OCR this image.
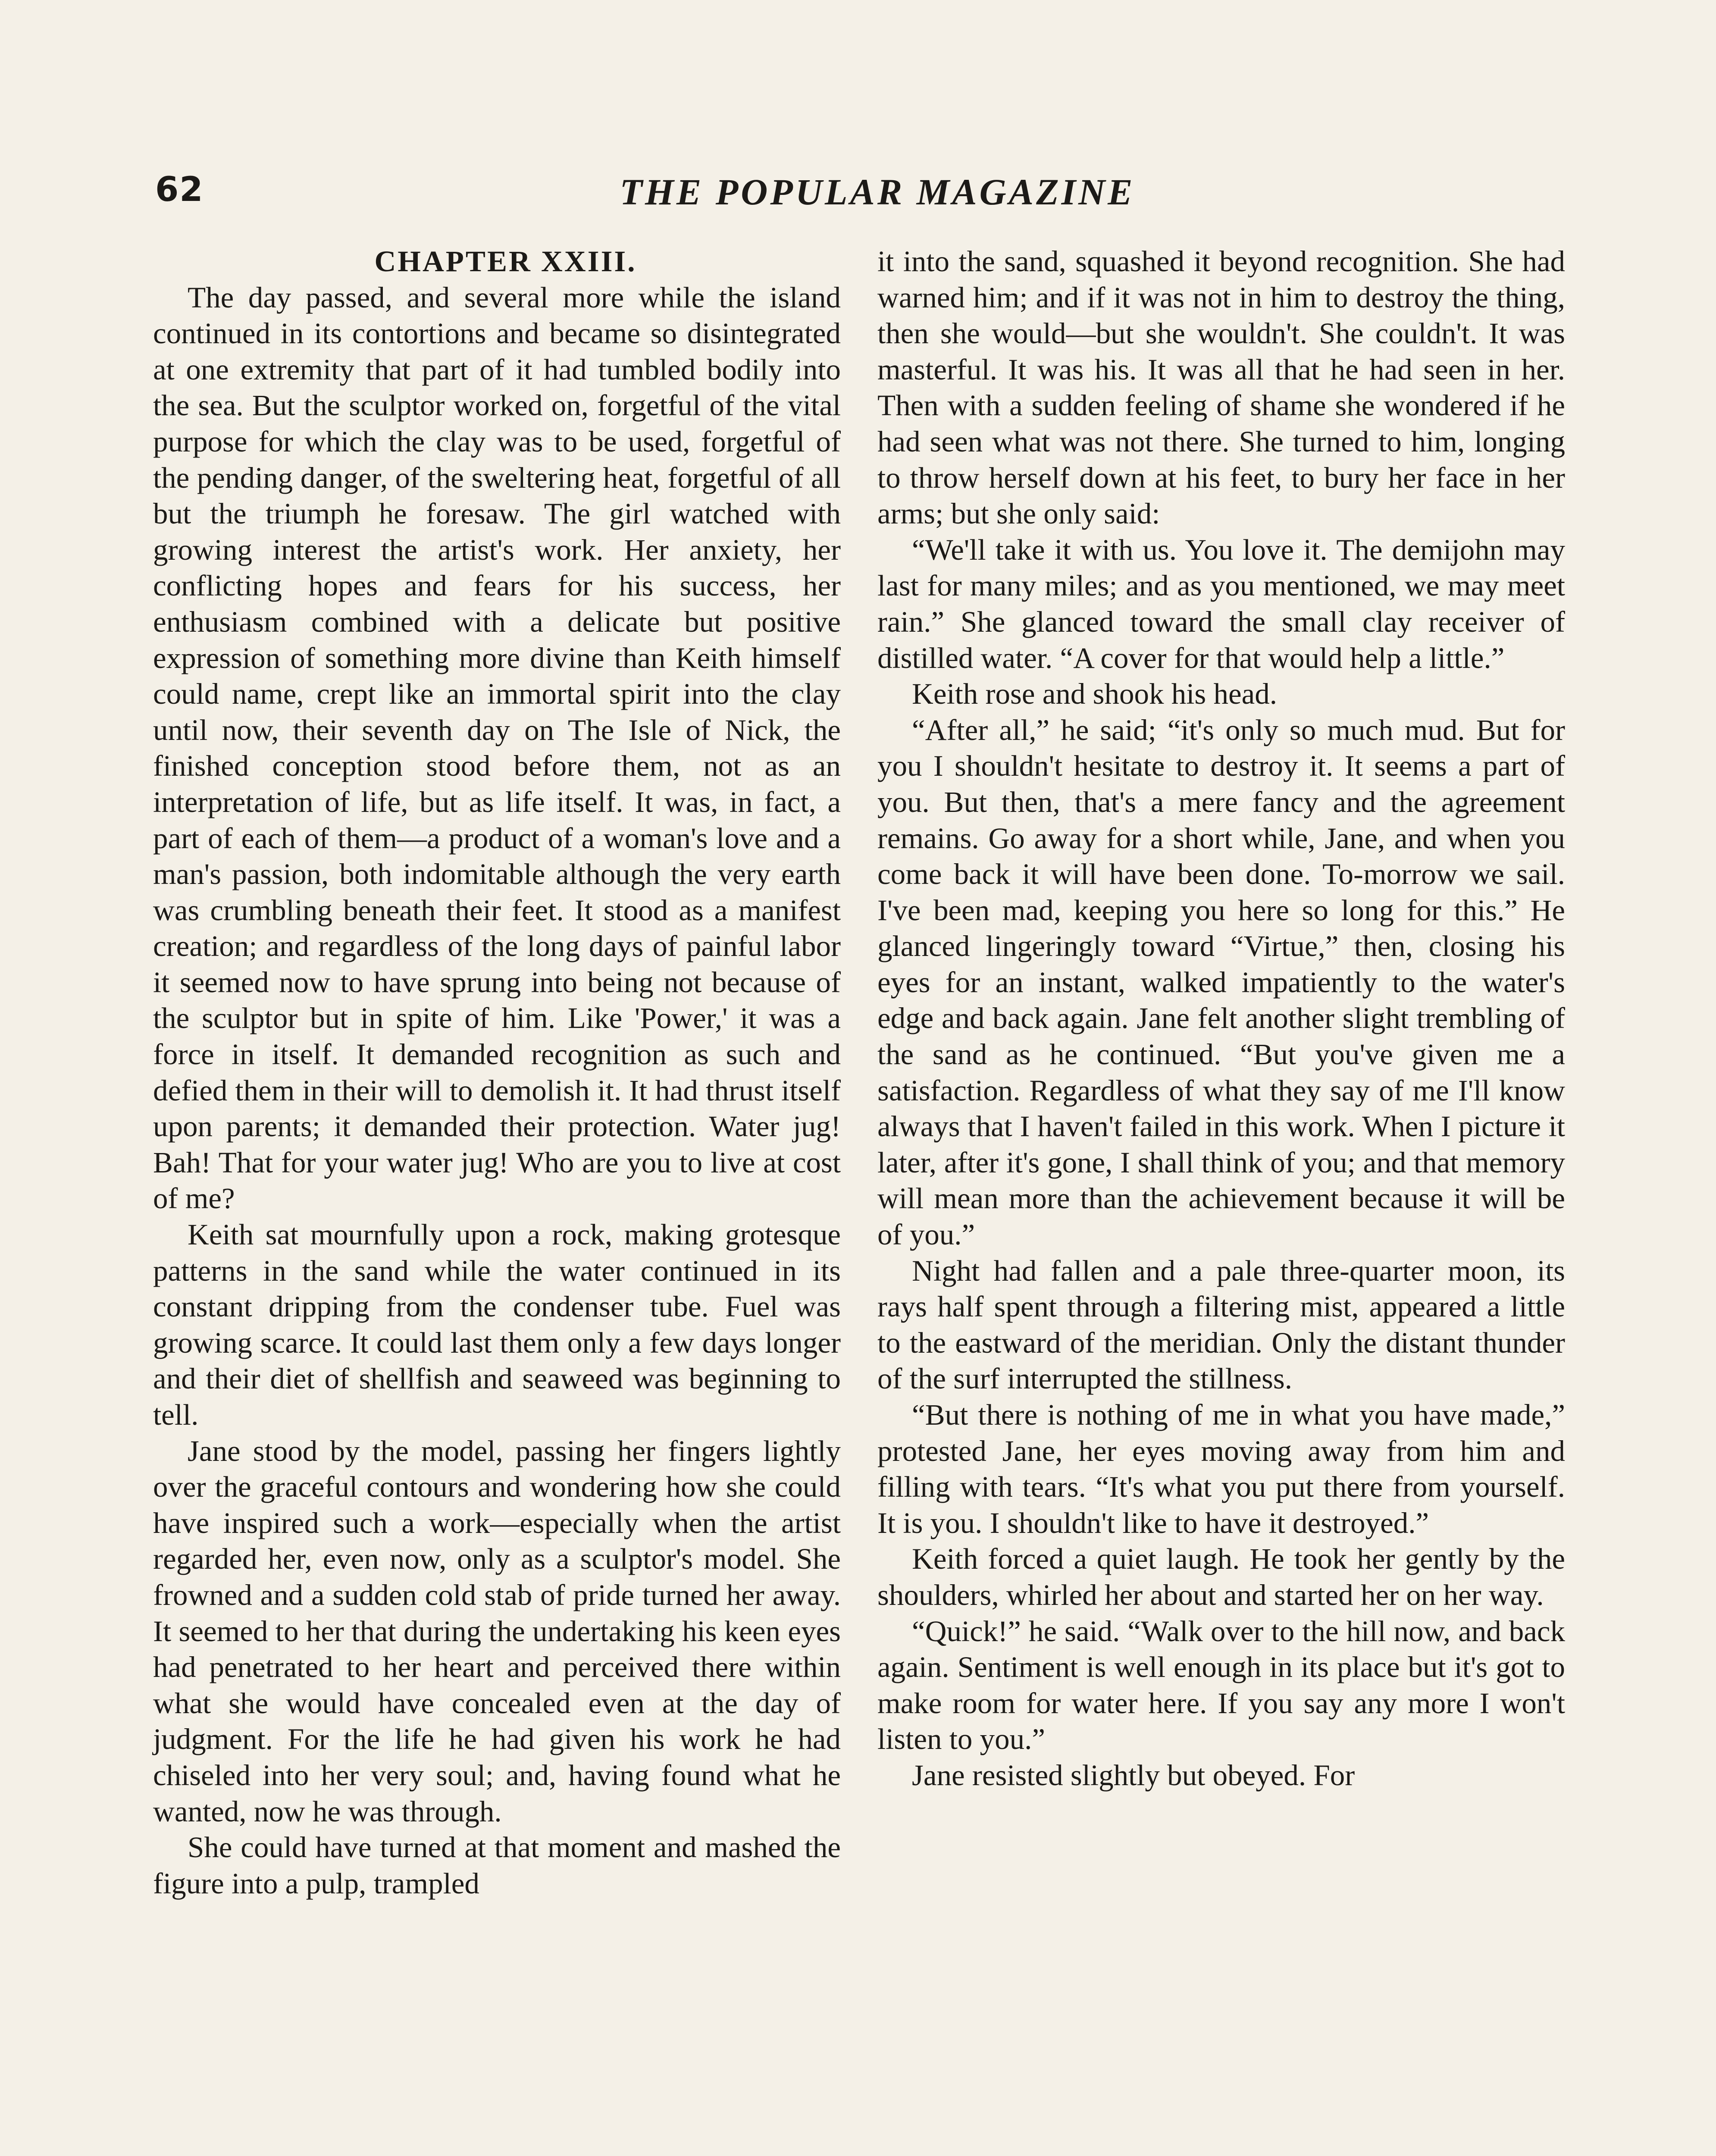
62	THE POPULAR MAGAZINE
CHAPTER XXIII.

The day passed, and several more while the island continued in its contortions and became so disintegrated at one extremity that part of it had tumbled bodily into the sea. But the sculptor worked on, forgetful of the vital purpose for which the clay was to be used, forgetful of the pending danger, of the sweltering heat, forgetful of all but the triumph he foresaw. The girl watched with growing interest the artist's work. Her anxiety, her conflicting hopes and fears for his success, her enthusiasm combined with a delicate but positive expression of something more divine than Keith himself could name, crept like an immortal spirit into the clay until now, their seventh day on The Isle of Nick, the finished conception stood before them, not as an interpretation of life, but as life itself. It was, in fact, a part of each of them—a product of a woman's love and a man's passion, both indomitable although the very earth was crumbling beneath their feet. It stood as a manifest creation; and regardless of the long days of painful labor it seemed now to have sprung into being not because of the sculptor but in spite of him. Like 'Power,' it was a force in itself. It demanded recognition as such and defied them in their will to demolish it. It had thrust itself upon parents; it demanded their protection. Water jug! Bah! That for your water jug! Who are you to live at cost of me?

Keith sat mournfully upon a rock, making grotesque patterns in the sand while the water continued in its constant dripping from the condenser tube. Fuel was growing scarce. It could last them only a few days longer and their diet of shellfish and seaweed was beginning to tell.

Jane stood by the model, passing her fingers lightly over the graceful contours and wondering how she could have inspired such a work—especially when the artist regarded her, even now, only as a sculptor's model. She frowned and a sudden cold stab of pride turned her away. It seemed to her that during the undertaking his keen eyes had penetrated to her heart and perceived there within what she would have concealed even at the day of judgment. For the life he had given his work he had chiseled into her very soul; and, having found what he wanted, now he was through.

She could have turned at that moment and mashed the figure into a pulp, trampled

it into the sand, squashed it beyond recognition. She had warned him; and if it was not in him to destroy the thing, then she would—but she wouldn't. She couldn't. It was masterful. It was his. It was all that he had seen in her. Then with a sudden feeling of shame she wondered if he had seen what was not there. She turned to him, longing to throw herself down at his feet, to bury her face in her arms; but she only said:

“We'll take it with us. You love it. The demijohn may last for many miles; and as you mentioned, we may meet rain.” She glanced toward the small clay receiver of distilled water. “A cover for that would help a little.”

Keith rose and shook his head.

“After all,” he said; “it's only so much mud. But for you I shouldn't hesitate to destroy it. It seems a part of you. But then, that's a mere fancy and the agreement remains. Go away for a short while, Jane, and when you come back it will have been done. To-morrow we sail. I've been mad, keeping you here so long for this.” He glanced lingeringly toward “Virtue,” then, closing his eyes for an instant, walked impatiently to the water's edge and back again. Jane felt another slight trembling of the sand as he continued. “But you've given me a satisfaction. Regardless of what they say of me I'll know always that I haven't failed in this work. When I picture it later, after it's gone, I shall think of you; and that memory will mean more than the achievement because it will be of you.”

Night had fallen and a pale three-quarter moon, its rays half spent through a filtering mist, appeared a little to the eastward of the meridian. Only the distant thunder of the surf interrupted the stillness.

“But there is nothing of me in what you have made,” protested Jane, her eyes moving away from him and filling with tears. “It's what you put there from yourself. It is you. I shouldn't like to have it destroyed.”

Keith forced a quiet laugh. He took her gently by the shoulders, whirled her about and started her on her way.

“Quick!” he said. “Walk over to the hill now, and back again. Sentiment is well enough in its place but it's got to make room for water here. If you say any more I won't listen to you.”

Jane resisted slightly but obeyed. For
